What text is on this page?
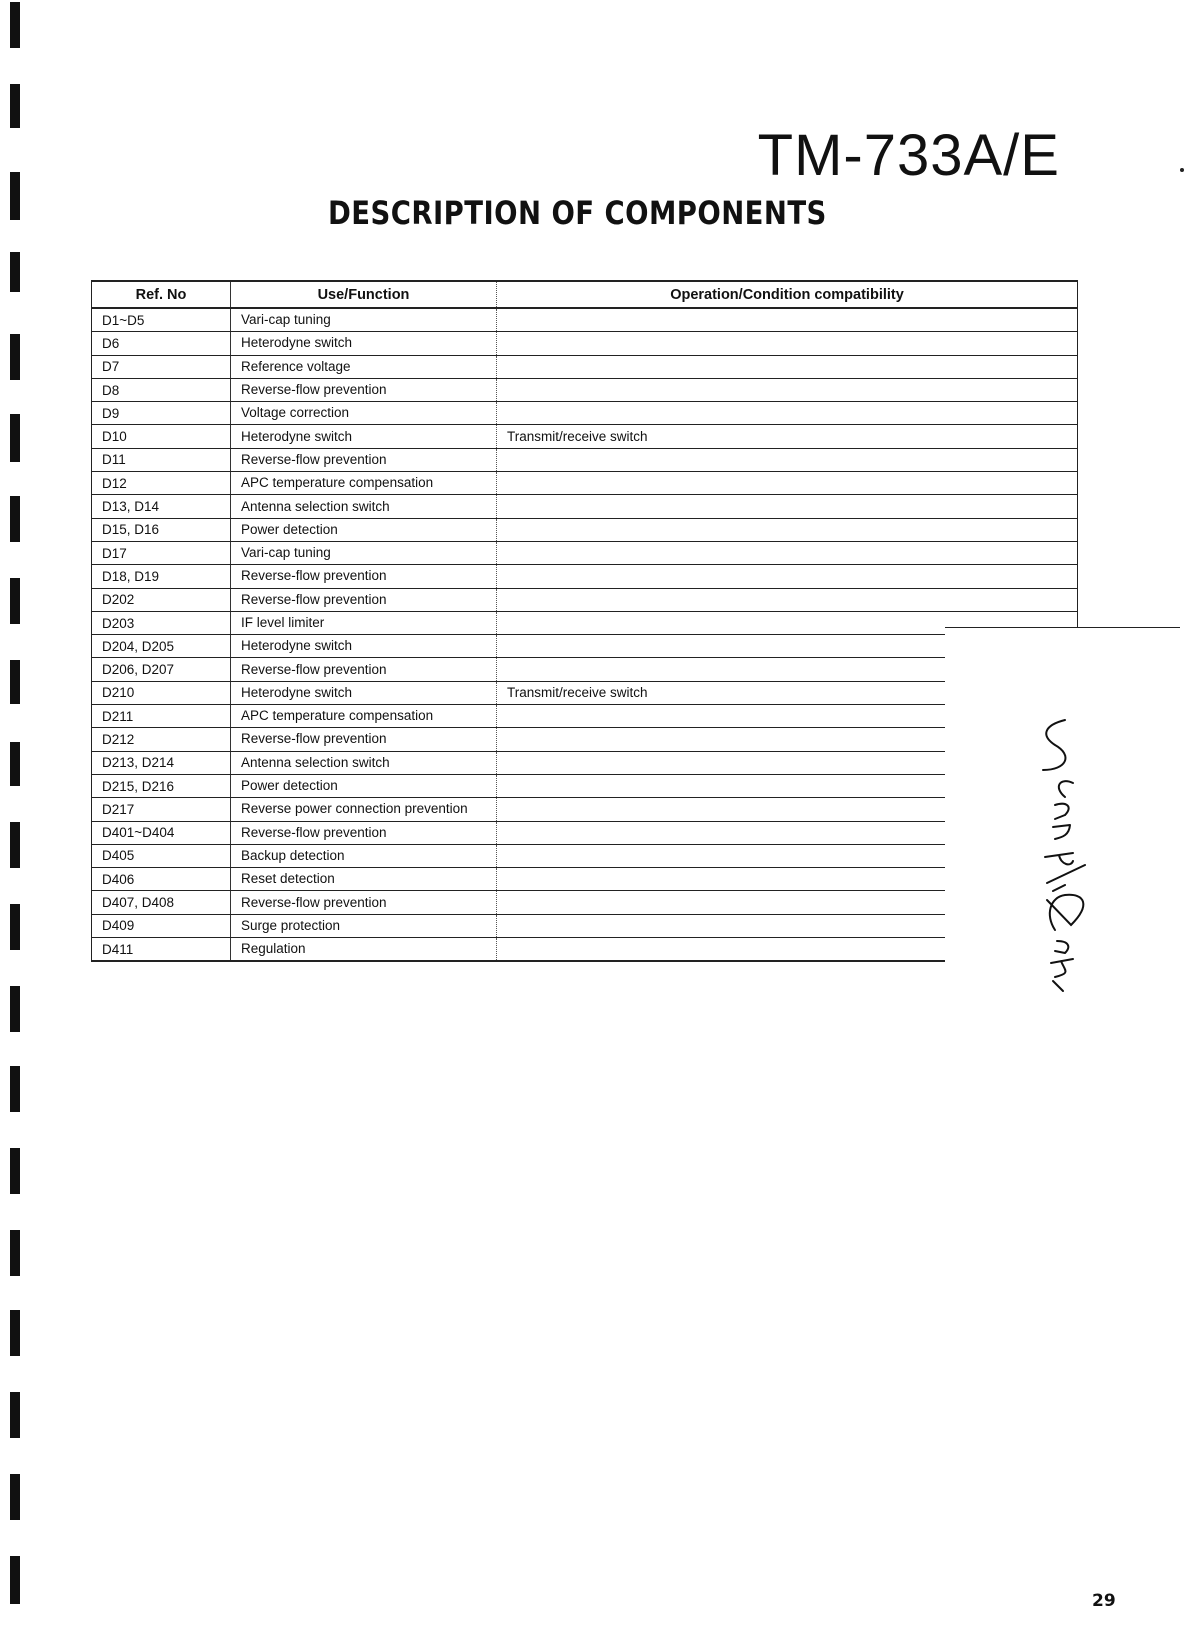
TM-733A/E
DESCRIPTION OF COMPONENTS
Ref. No	Use/Function	Operation/Condition compatibility
D1~D5	Vari-cap tuning	
D6	Heterodyne switch	
D7	Reference voltage	
D8	Reverse-flow prevention	
D9	Voltage correction	
D10	Heterodyne switch	Transmit/receive switch
D11	Reverse-flow prevention	
D12	APC temperature compensation	
D13, D14	Antenna selection switch	
D15, D16	Power detection	
D17	Vari-cap tuning	
D18, D19	Reverse-flow prevention	
D202	Reverse-flow prevention	
D203	IF level limiter	
D204, D205	Heterodyne switch	
D206, D207	Reverse-flow prevention	
D210	Heterodyne switch	Transmit/receive switch
D211	APC temperature compensation	
D212	Reverse-flow prevention	
D213, D214	Antenna selection switch	
D215, D216	Power detection	
D217	Reverse power connection prevention	
D401~D404	Reverse-flow prevention	
D405	Backup detection	
D406	Reset detection	
D407, D408	Reverse-flow prevention	
D409	Surge protection	
D411	Regulation	
29
